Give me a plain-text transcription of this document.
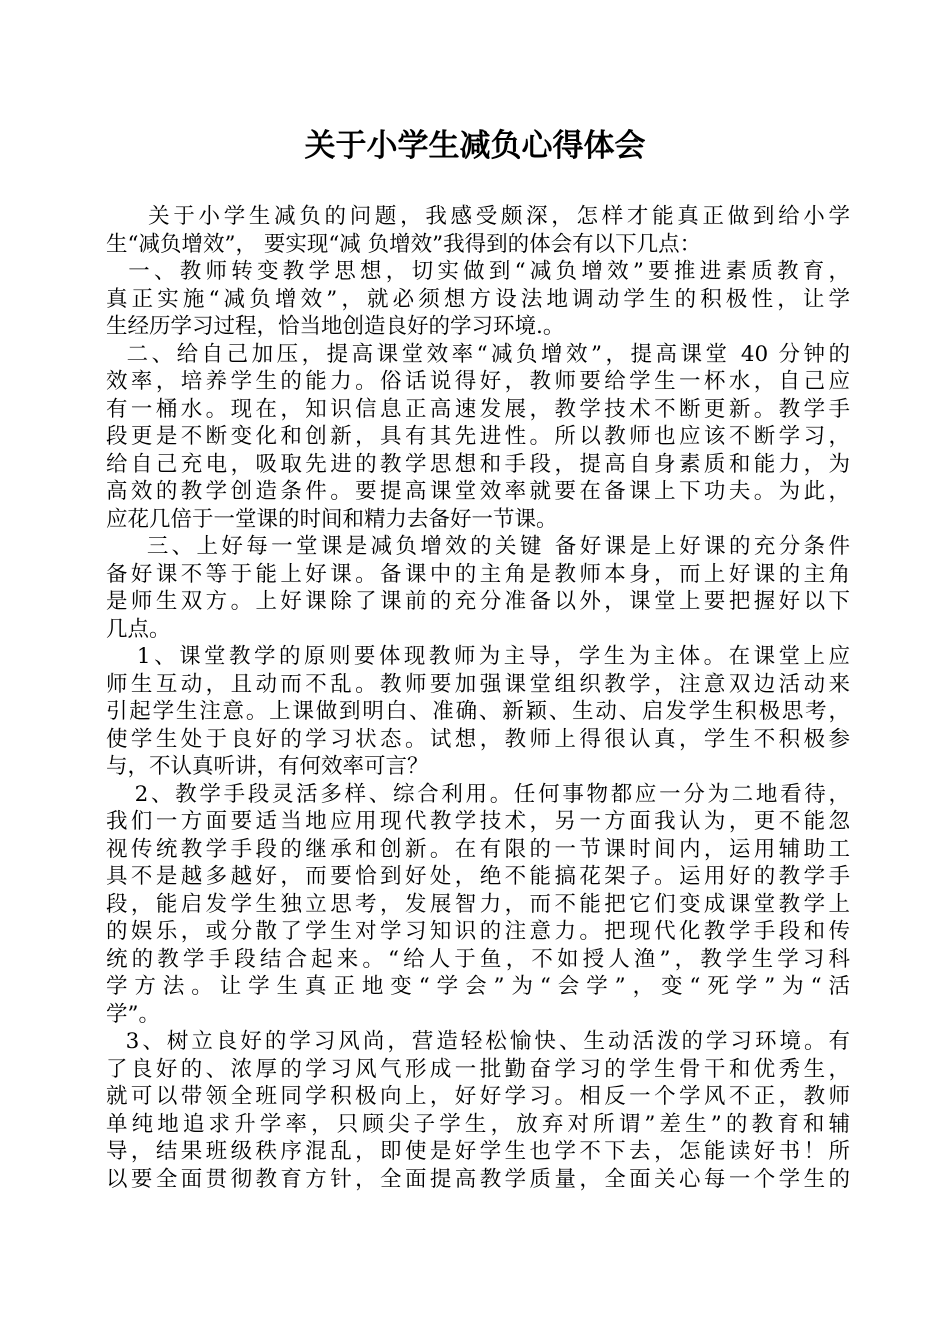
关于小学生减负心得体会
关于小学生减负的问题，我感受颇深，怎样才能真正做到给小学
生“减负增效”， 要实现“减 负增效”我得到的体会有以下几点：
一、教师转变教学思想，切实做到“减负增效”要推进素质教育，
真正实施“减负增效”，就必须想方设法地调动学生的积极性，让学
生经历学习过程，恰当地创造良好的学习环境.。
二、给自己加压，提高课堂效率“减负增效”，提高课堂 40 分钟的
效率，培养学生的能力。俗话说得好，教师要给学生一杯水，自己应
有一桶水。现在，知识信息正高速发展，教学技术不断更新。教学手
段更是不断变化和创新，具有其先进性。所以教师也应该不断学习，
给自己充电，吸取先进的教学思想和手段，提高自身素质和能力，为
高效的教学创造条件。要提高课堂效率就要在备课上下功夫。为此，
应花几倍于一堂课的时间和精力去备好一节课。
三、上好每一堂课是减负增效的关键 备好课是上好课的充分条件
备好课不等于能上好课。备课中的主角是教师本身，而上好课的主角
是师生双方。上好课除了课前的充分准备以外，课堂上要把握好以下
几点。
1、课堂教学的原则要体现教师为主导，学生为主体。在课堂上应
师生互动，且动而不乱。教师要加强课堂组织教学，注意双边活动来
引起学生注意。上课做到明白、准确、新颖、生动、启发学生积极思考，
使学生处于良好的学习状态。试想，教师上得很认真，学生不积极参
与，不认真听讲，有何效率可言？
2、教学手段灵活多样、综合利用。任何事物都应一分为二地看待，
我们一方面要适当地应用现代教学技术，另一方面我认为，更不能忽
视传统教学手段的继承和创新。在有限的一节课时间内，运用辅助工
具不是越多越好，而要恰到好处，绝不能搞花架子。运用好的教学手
段，能启发学生独立思考，发展智力，而不能把它们变成课堂教学上
的娱乐，或分散了学生对学习知识的注意力。把现代化教学手段和传
统的教学手段结合起来。“给人于鱼，不如授人渔”，教学生学习科
学方法。让学生真正地变“学会”为“会学”，变“死学”为“活
学”。
3、树立良好的学习风尚，营造轻松愉快、生动活泼的学习环境。有
了良好的、浓厚的学习风气形成一批勤奋学习的学生骨干和优秀生，
就可以带领全班同学积极向上，好好学习。相反一个学风不正，教师
单纯地追求升学率，只顾尖子学生，放弃对所谓”差生”的教育和辅
导，结果班级秩序混乱，即使是好学生也学不下去，怎能读好书！所
以要全面贯彻教育方针，全面提高教学质量，全面关心每一个学生的
